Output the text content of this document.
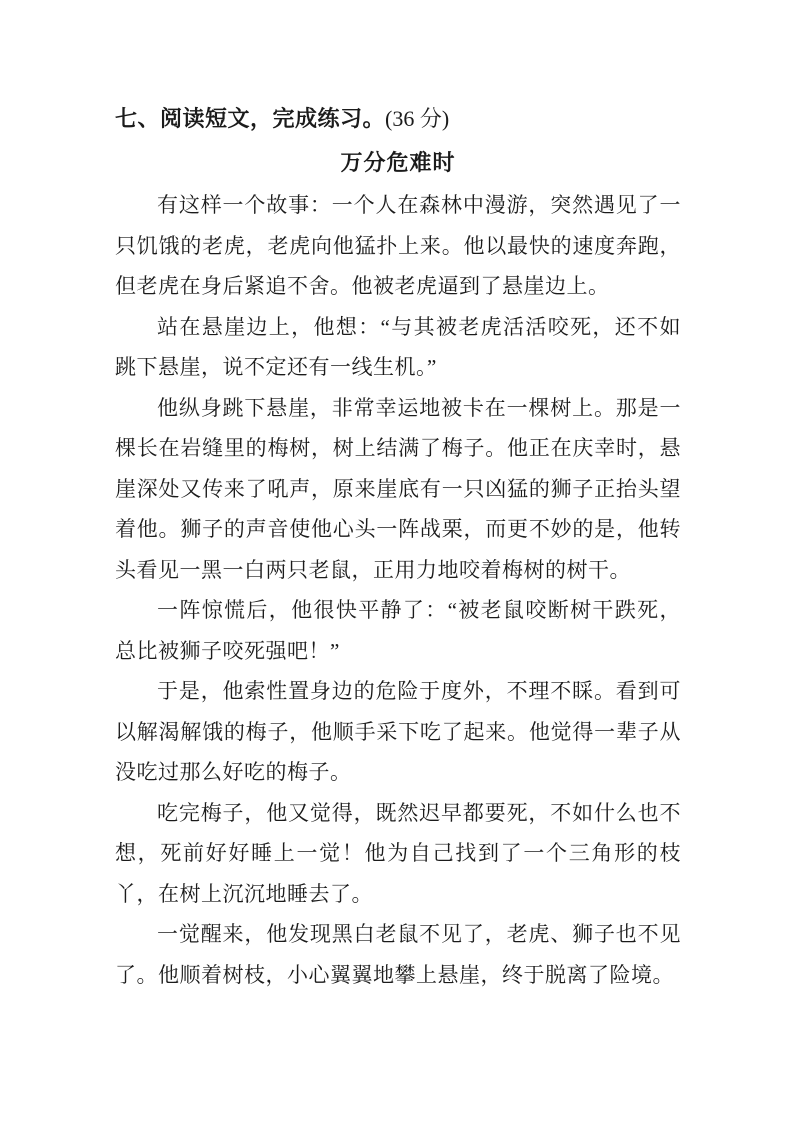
七、阅读短文，完成练习。(36 分)
万分危难时

有这样一个故事：一个人在森林中漫游，突然遇见了一只饥饿的老虎，老虎向他猛扑上来。他以最快的速度奔跑，但老虎在身后紧追不舍。他被老虎逼到了悬崖边上。

站在悬崖边上，他想：“与其被老虎活活咬死，还不如跳下悬崖，说不定还有一线生机。”

他纵身跳下悬崖，非常幸运地被卡在一棵树上。那是一棵长在岩缝里的梅树，树上结满了梅子。他正在庆幸时，悬崖深处又传来了吼声，原来崖底有一只凶猛的狮子正抬头望着他。狮子的声音使他心头一阵战栗，而更不妙的是，他转头看见一黑一白两只老鼠，正用力地咬着梅树的树干。

一阵惊慌后，他很快平静了：“被老鼠咬断树干跌死，总比被狮子咬死强吧！”

于是，他索性置身边的危险于度外，不理不睬。看到可以解渴解饿的梅子，他顺手采下吃了起来。他觉得一辈子从没吃过那么好吃的梅子。

吃完梅子，他又觉得，既然迟早都要死，不如什么也不想，死前好好睡上一觉！他为自己找到了一个三角形的枝丫，在树上沉沉地睡去了。

一觉醒来，他发现黑白老鼠不见了，老虎、狮子也不见了。他顺着树枝，小心翼翼地攀上悬崖，终于脱离了险境。
